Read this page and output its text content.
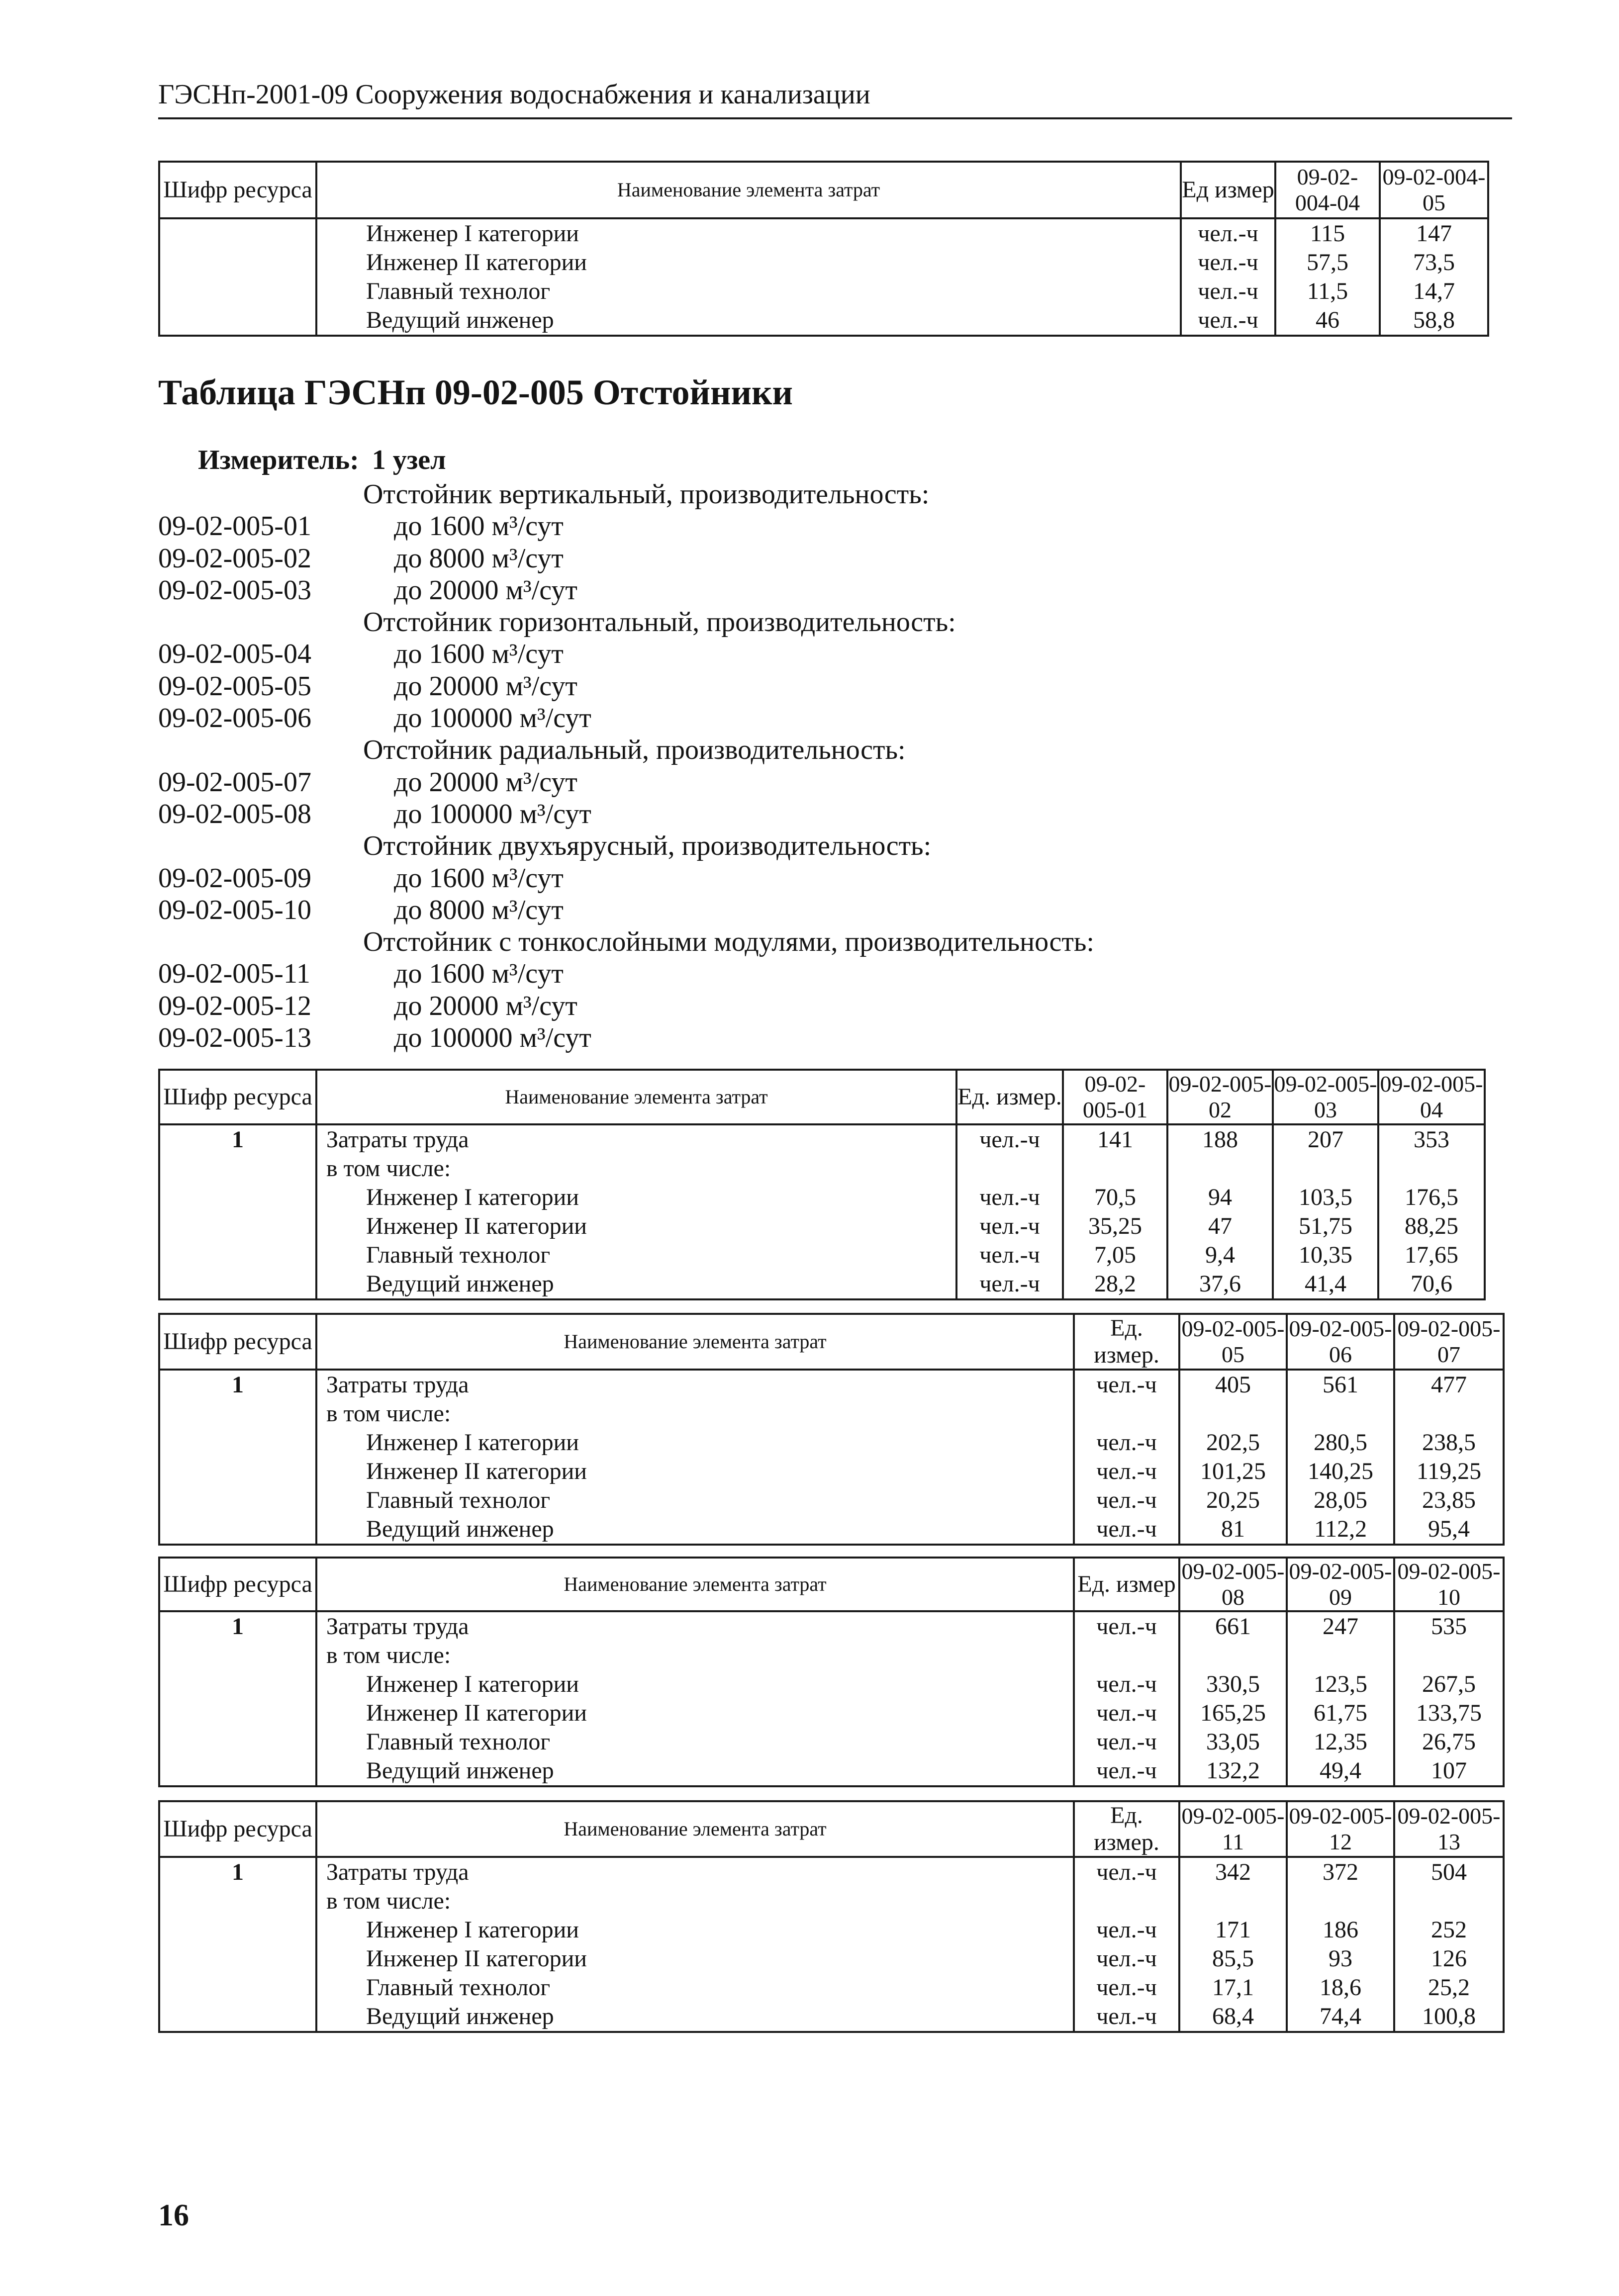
ГЭСНп-2001-09 Сооружения водоснабжения и канализации
Таблица ГЭСНп 09-02-005 Отстойники
Измеритель: 1 узел
Отстойник вертикальный, производительность:
09-02-005-01	до 1600 м³/сут
09-02-005-02	до 8000 м³/сут
09-02-005-03	до 20000 м³/сут
Отстойник горизонтальный, производительность:
09-02-005-04	до 1600 м³/сут
09-02-005-05	до 20000 м³/сут
09-02-005-06	до 100000 м³/сут
Отстойник радиальный, производительность:
09-02-005-07	до 20000 м³/сут
09-02-005-08	до 100000 м³/сут
Отстойник двухъярусный, производительность:
09-02-005-09	до 1600 м³/сут
09-02-005-10	до 8000 м³/сут
Отстойник с тонкослойными модулями, производительность:
09-02-005-11	до 1600 м³/сут
09-02-005-12	до 20000 м³/сут
09-02-005-13	до 100000 м³/сут
16
Шифр ресурса	Наименование элемента затрат	Ед измер	09-02-004-04	09-02-004-05
	Инженер I категории	чел.-ч	115	147
	Инженер II категории	чел.-ч	57,5	73,5
	Главный технолог	чел.-ч	11,5	14,7
	Ведущий инженер	чел.-ч	46	58,8
Шифр ресурса	Наименование элемента затрат	Ед. измер.	09-02-005-01	09-02-005-02	09-02-005-03	09-02-005-04
1	Затраты труда	чел.-ч	141	188	207	353
	в том числе:					
	Инженер I категории	чел.-ч	70,5	94	103,5	176,5
	Инженер II категории	чел.-ч	35,25	47	51,75	88,25
	Главный технолог	чел.-ч	7,05	9,4	10,35	17,65
	Ведущий инженер	чел.-ч	28,2	37,6	41,4	70,6
Шифр ресурса	Наименование элемента затрат	Ед. измер.	09-02-005-05	09-02-005-06	09-02-005-07
1	Затраты труда	чел.-ч	405	561	477
	в том числе:				
	Инженер I категории	чел.-ч	202,5	280,5	238,5
	Инженер II категории	чел.-ч	101,25	140,25	119,25
	Главный технолог	чел.-ч	20,25	28,05	23,85
	Ведущий инженер	чел.-ч	81	112,2	95,4
Шифр ресурса	Наименование элемента затрат	Ед. измер	09-02-005-08	09-02-005-09	09-02-005-10
1	Затраты труда	чел.-ч	661	247	535
	в том числе:				
	Инженер I категории	чел.-ч	330,5	123,5	267,5
	Инженер II категории	чел.-ч	165,25	61,75	133,75
	Главный технолог	чел.-ч	33,05	12,35	26,75
	Ведущий инженер	чел.-ч	132,2	49,4	107
Шифр ресурса	Наименование элемента затрат	Ед. измер.	09-02-005-11	09-02-005-12	09-02-005-13
1	Затраты труда	чел.-ч	342	372	504
	в том числе:				
	Инженер I категории	чел.-ч	171	186	252
	Инженер II категории	чел.-ч	85,5	93	126
	Главный технолог	чел.-ч	17,1	18,6	25,2
	Ведущий инженер	чел.-ч	68,4	74,4	100,8
